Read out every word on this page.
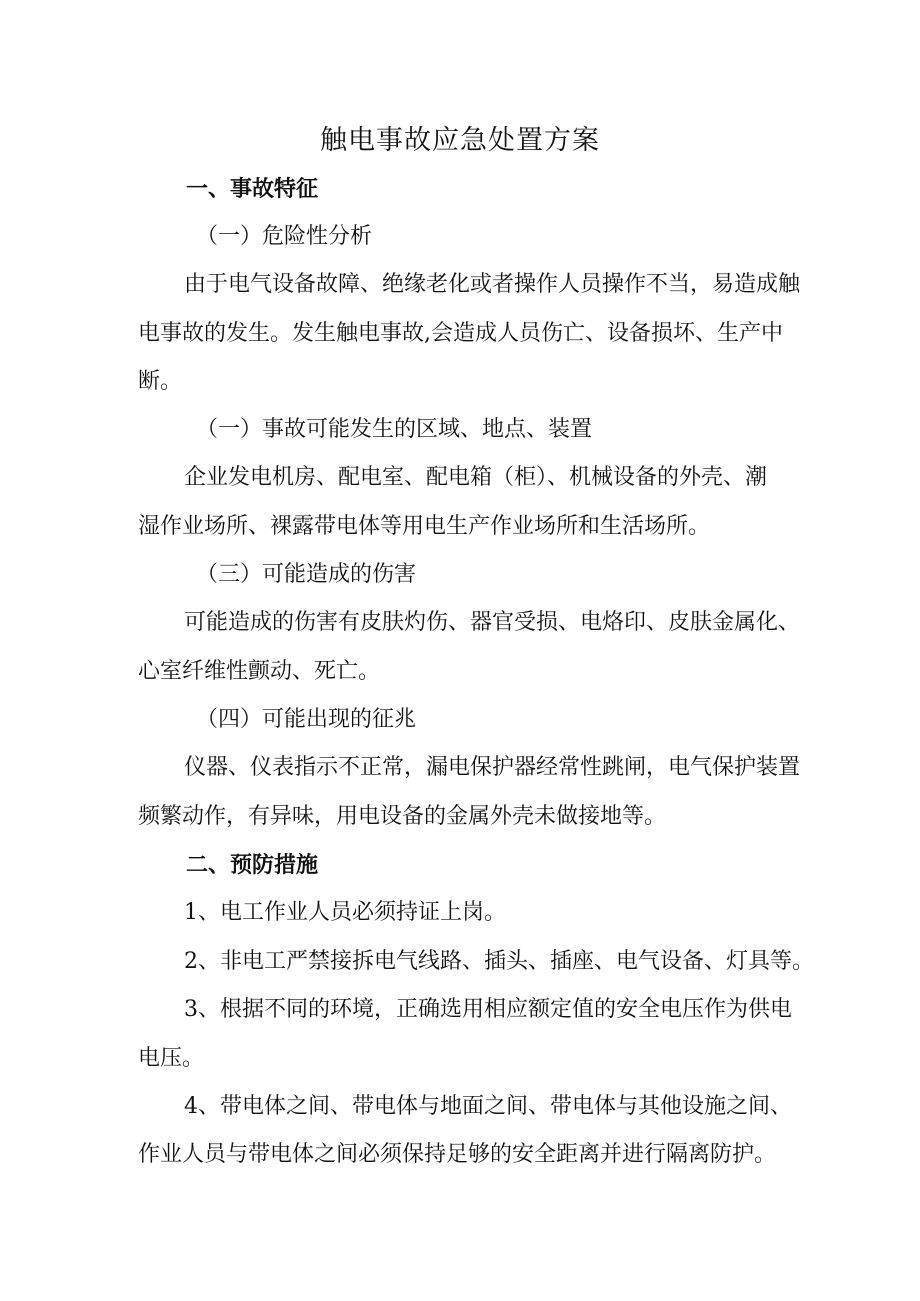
触电事故应急处置方案
一、事故特征
（一）危险性分析
由于电气设备故障、绝缘老化或者操作人员操作不当，易造成触
电事故的发生。发生触电事故,会造成人员伤亡、设备损坏、生产中
断。
（一）事故可能发生的区域、地点、装置
企业发电机房、配电室、配电箱（柜）、机械设备的外壳、潮
湿作业场所、裸露带电体等用电生产作业场所和生活场所。
（三）可能造成的伤害
可能造成的伤害有皮肤灼伤、器官受损、电烙印、皮肤金属化、
心室纤维性颤动、死亡。
（四）可能出现的征兆
仪器、仪表指示不正常，漏电保护器经常性跳闸，电气保护装置
频繁动作，有异味，用电设备的金属外壳未做接地等。
二、预防措施
1、电工作业人员必须持证上岗。
2、非电工严禁接拆电气线路、插头、插座、电气设备、灯具等。
3、根据不同的环境，正确选用相应额定值的安全电压作为供电
电压。
4、带电体之间、带电体与地面之间、带电体与其他设施之间、
作业人员与带电体之间必须保持足够的安全距离并进行隔离防护。
